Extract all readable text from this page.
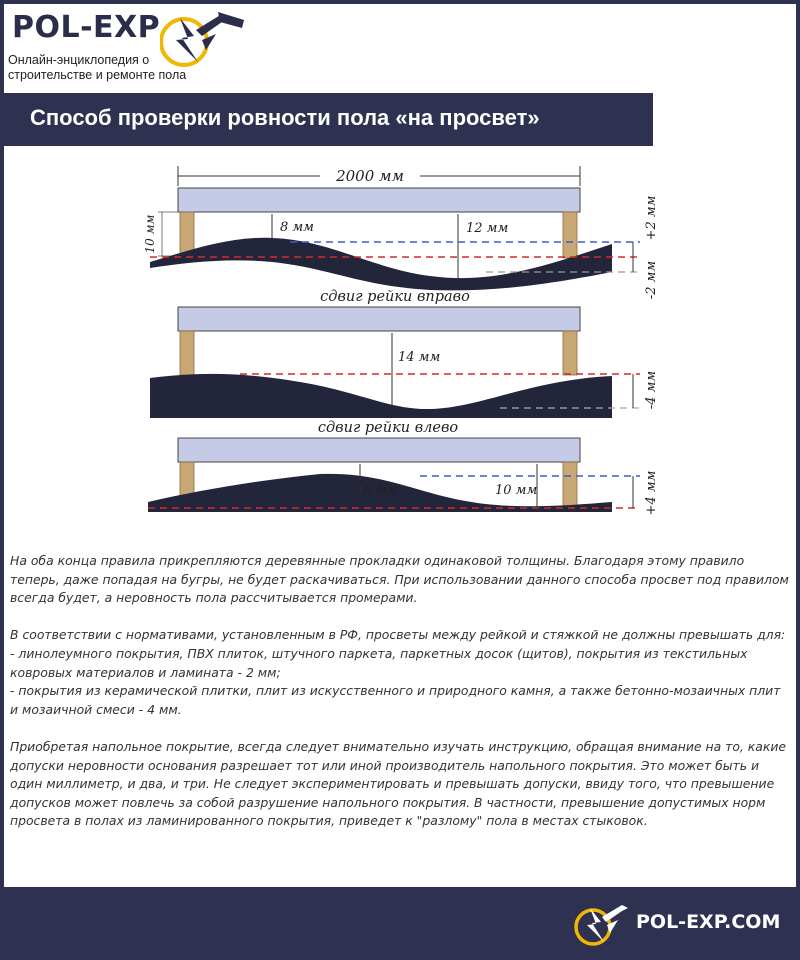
POL-EXP
Онлайн-энциклопедия о строительстве и ремонте пола
Способ проверки ровности пола «на просвет»
2000 мм
10 мм	8 мм	12 мм	+2 мм
-2 мм
сдвиг рейки вправо
14 мм
-4 мм
сдвиг рейки влево
6 мм	10 мм	+4 мм

На оба конца правила прикрепляются деревянные прокладки одинаковой толщины. Благодаря этому правило теперь, даже попадая на бугры, не будет раскачиваться. При использовании данного способа просвет под правилом всегда будет, а неровность пола рассчитывается промерами.

В соответствии с нормативами, установленным в РФ, просветы между рейкой и стяжкой не должны превышать для:
- линолеумного покрытия, ПВХ плиток, штучного паркета, паркетных досок (щитов), покрытия из текстильных ковровых материалов и ламината - 2 мм;
- покрытия из керамической плитки, плит из искусственного и природного камня, а также бетонно-мозаичных плит и мозаичной смеси - 4 мм.

Приобретая напольное покрытие, всегда следует внимательно изучать инструкцию, обращая внимание на то, какие допуски неровности основания разрешает тот или иной производитель напольного покрытия. Это может быть и один миллиметр, и два, и три. Не следует экспериментировать и превышать допуски, ввиду того, что превышение допусков может повлечь за собой разрушение напольного покрытия. В частности, превышение допустимых норм просвета в полах из ламинированного покрытия, приведет к "разлому" пола в местах стыковок.

POL-EXP.COM
